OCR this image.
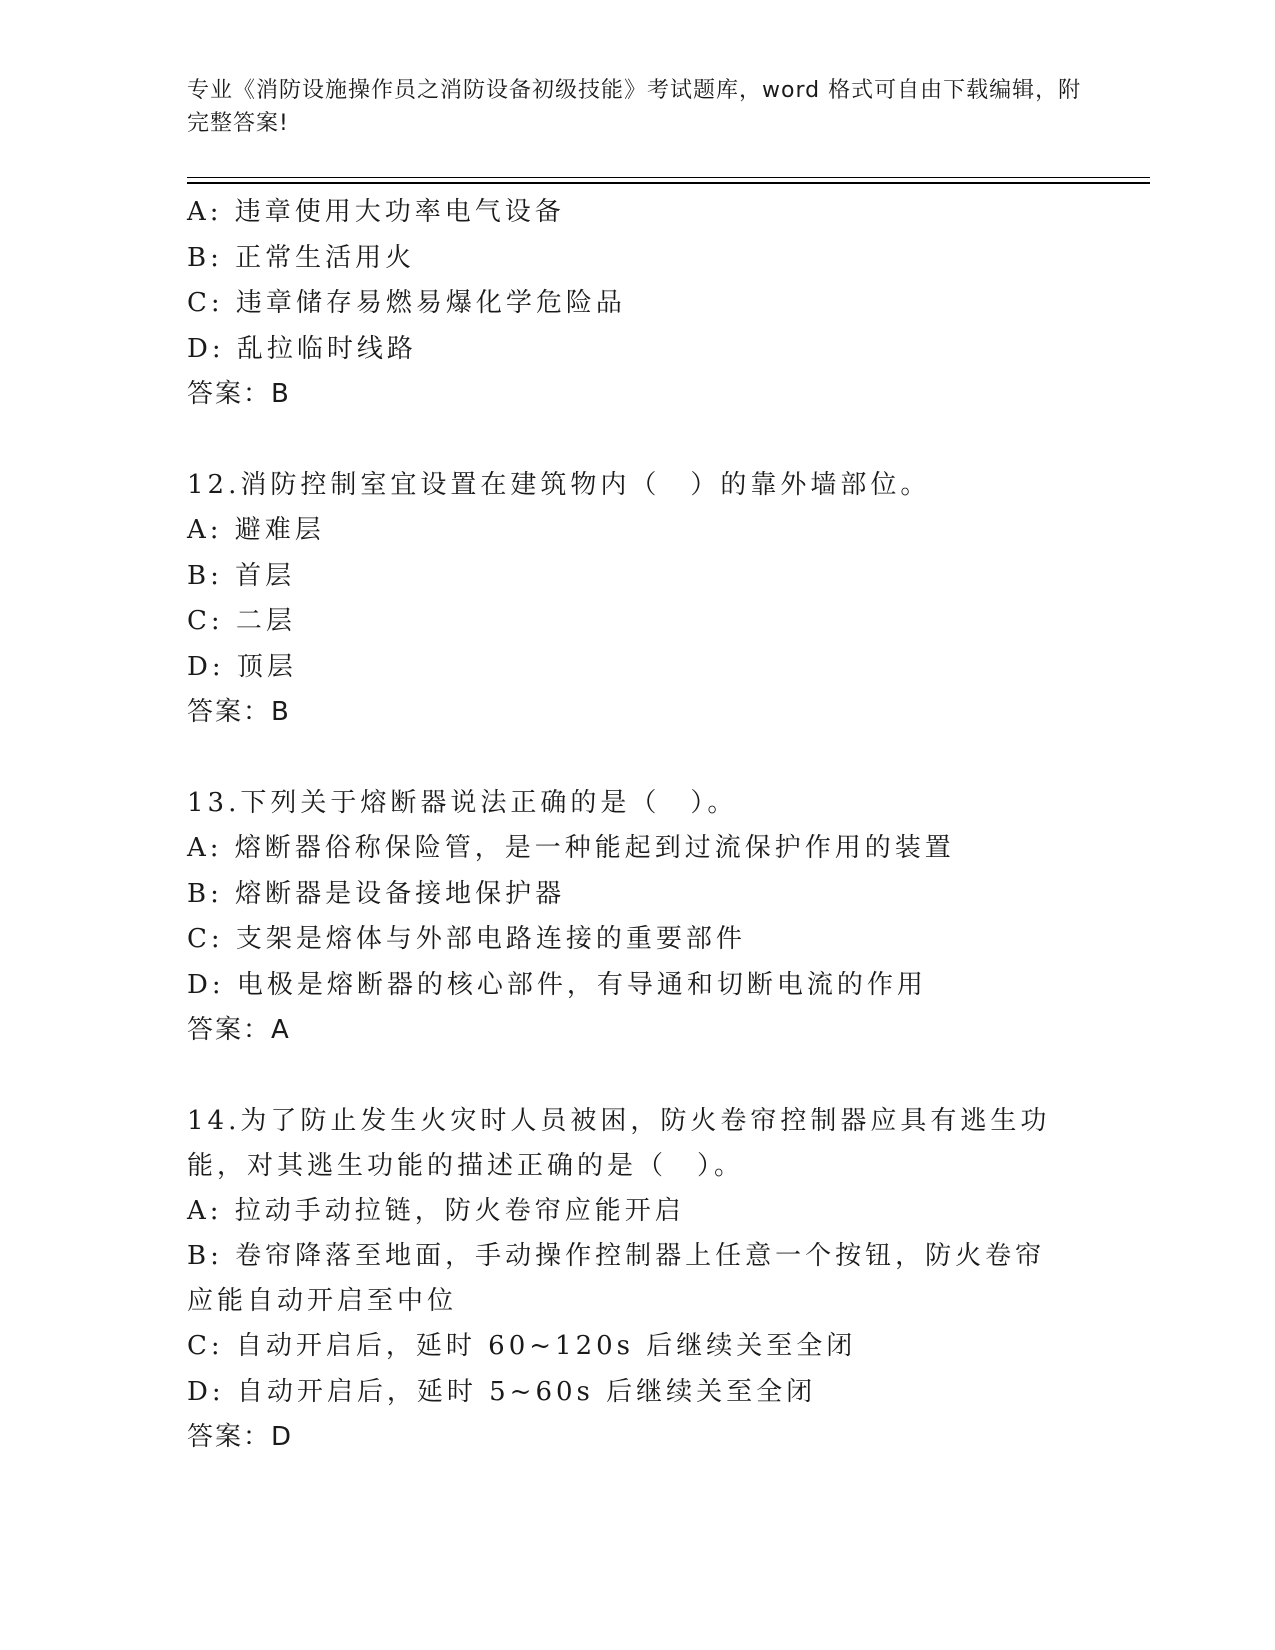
专业《消防设施操作员之消防设备初级技能》考试题库，word 格式可自由下载编辑，附完整答案!

A: 违章使用大功率电气设备

B: 正常生活用火

C: 违章储存易燃易爆化学危险品

D: 乱拉临时线路

答案：B

12.消防控制室宜设置在建筑物内（　）的靠外墙部位。

A: 避难层

B: 首层

C: 二层

D: 顶层

答案：B

13.下列关于熔断器说法正确的是（　）。

A: 熔断器俗称保险管，是一种能起到过流保护作用的装置

B: 熔断器是设备接地保护器

C: 支架是熔体与外部电路连接的重要部件

D: 电极是熔断器的核心部件，有导通和切断电流的作用

答案：A

14.为了防止发生火灾时人员被困，防火卷帘控制器应具有逃生功能，对其逃生功能的描述正确的是（　）。

A: 拉动手动拉链，防火卷帘应能开启

B: 卷帘降落至地面，手动操作控制器上任意一个按钮，防火卷帘应能自动开启至中位

C: 自动开启后，延时 60~120s 后继续关至全闭

D: 自动开启后，延时 5~60s 后继续关至全闭

答案：D
